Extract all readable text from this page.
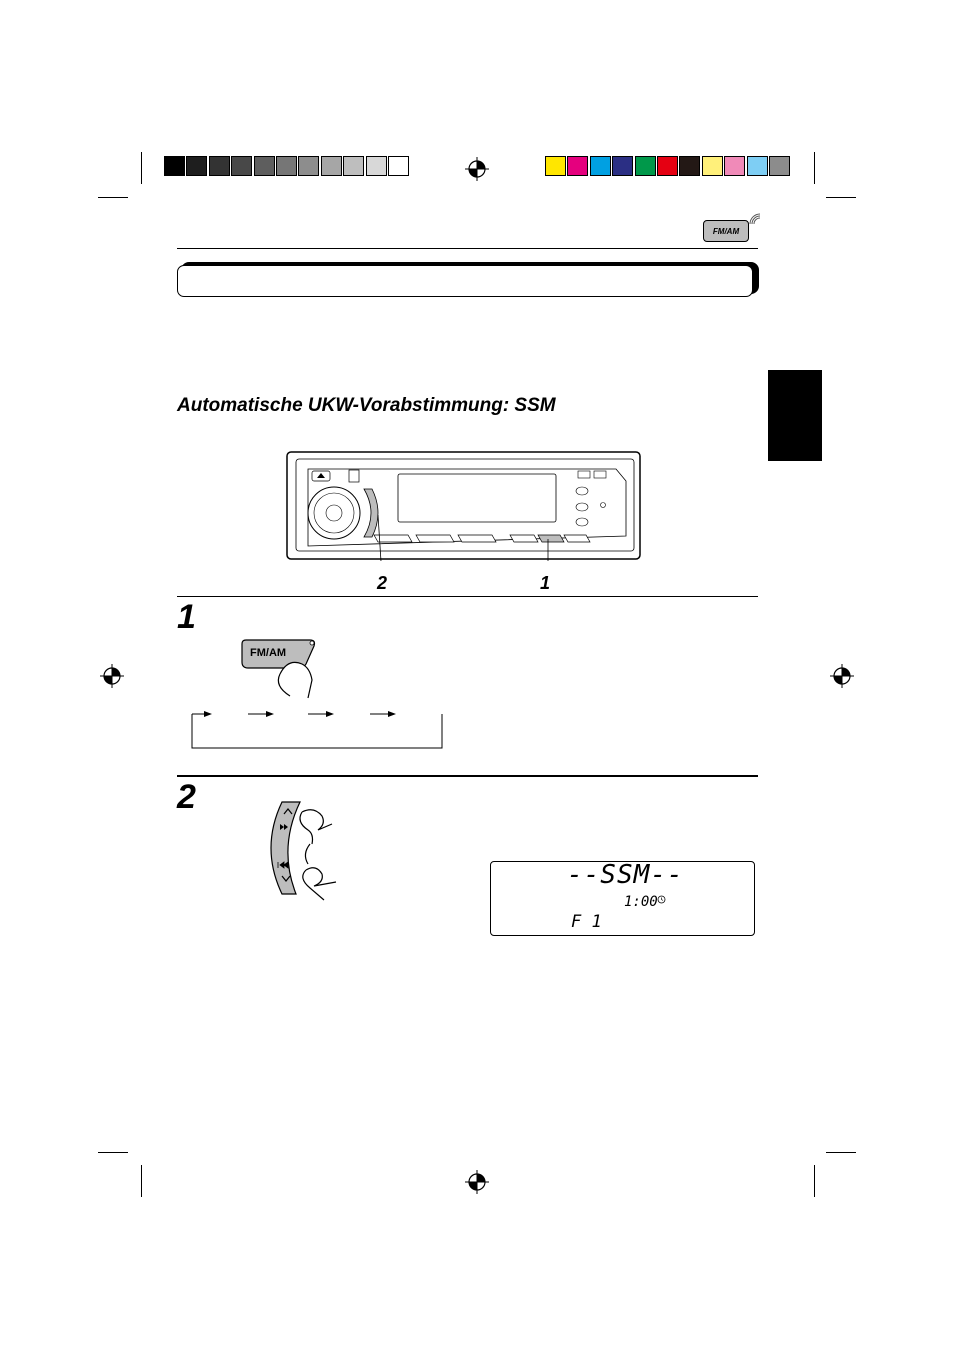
FM/AM
Automatische UKW-Vorabstimmung: SSM
2	1
1
FM/AM
2
--SSM--
1:00
F 1
